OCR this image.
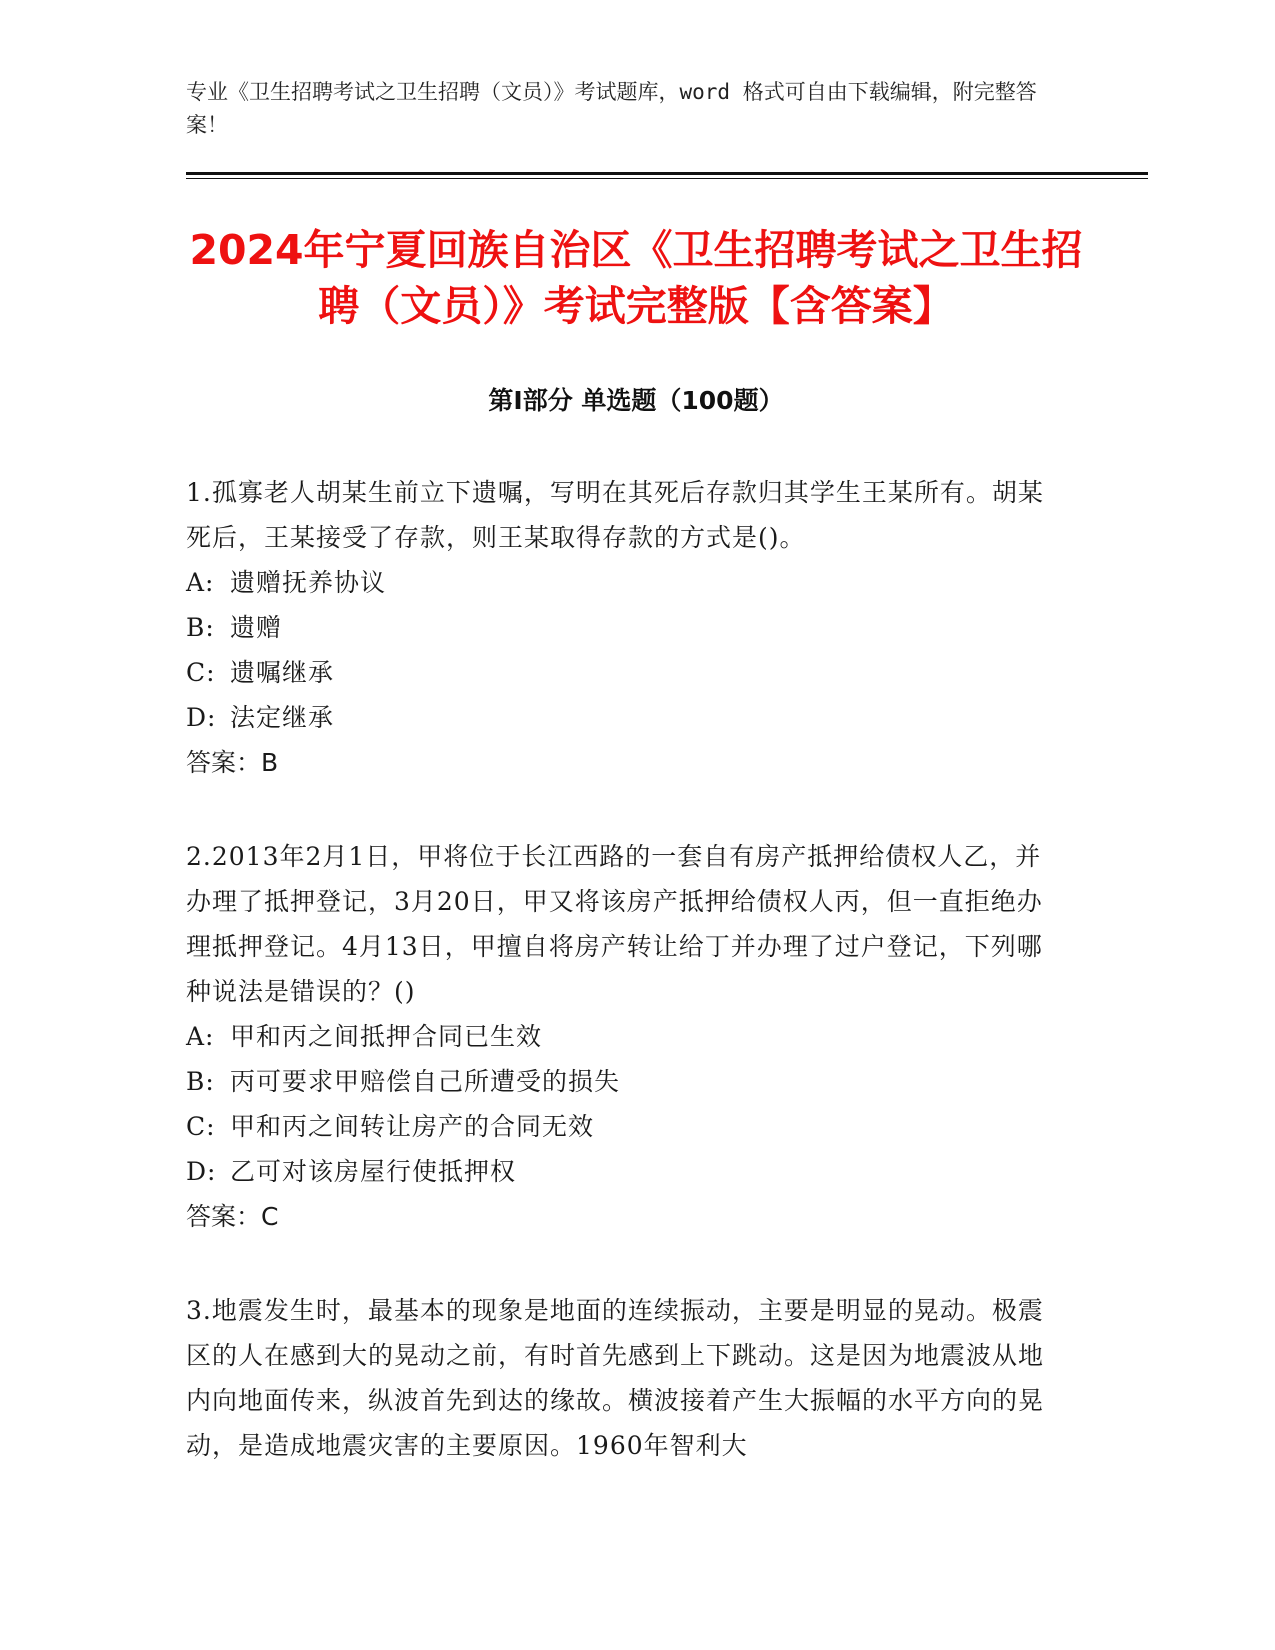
专业《卫生招聘考试之卫生招聘（文员）》考试题库，word 格式可自由下载编辑，附完整答案！
2024年宁夏回族自治区《卫生招聘考试之卫生招聘（文员）》考试完整版【含答案】
第Ⅰ部分 单选题（100题）

1.孤寡老人胡某生前立下遗嘱，写明在其死后存款归其学生王某所有。胡某死后，王某接受了存款，则王某取得存款的方式是()。

A: 遗赠抚养协议

B: 遗赠

C: 遗嘱继承

D: 法定继承

答案：B

2.2013年2月1日，甲将位于长江西路的一套自有房产抵押给债权人乙，并办理了抵押登记，3月20日，甲又将该房产抵押给债权人丙，但一直拒绝办理抵押登记。4月13日，甲擅自将房产转让给丁并办理了过户登记，下列哪种说法是错误的？()

A: 甲和丙之间抵押合同已生效

B: 丙可要求甲赔偿自己所遭受的损失

C: 甲和丙之间转让房产的合同无效

D: 乙可对该房屋行使抵押权

答案：C

3.地震发生时，最基本的现象是地面的连续振动，主要是明显的晃动。极震区的人在感到大的晃动之前，有时首先感到上下跳动。这是因为地震波从地内向地面传来，纵波首先到达的缘故。横波接着产生大振幅的水平方向的晃动，是造成地震灾害的主要原因。1960年智利大
